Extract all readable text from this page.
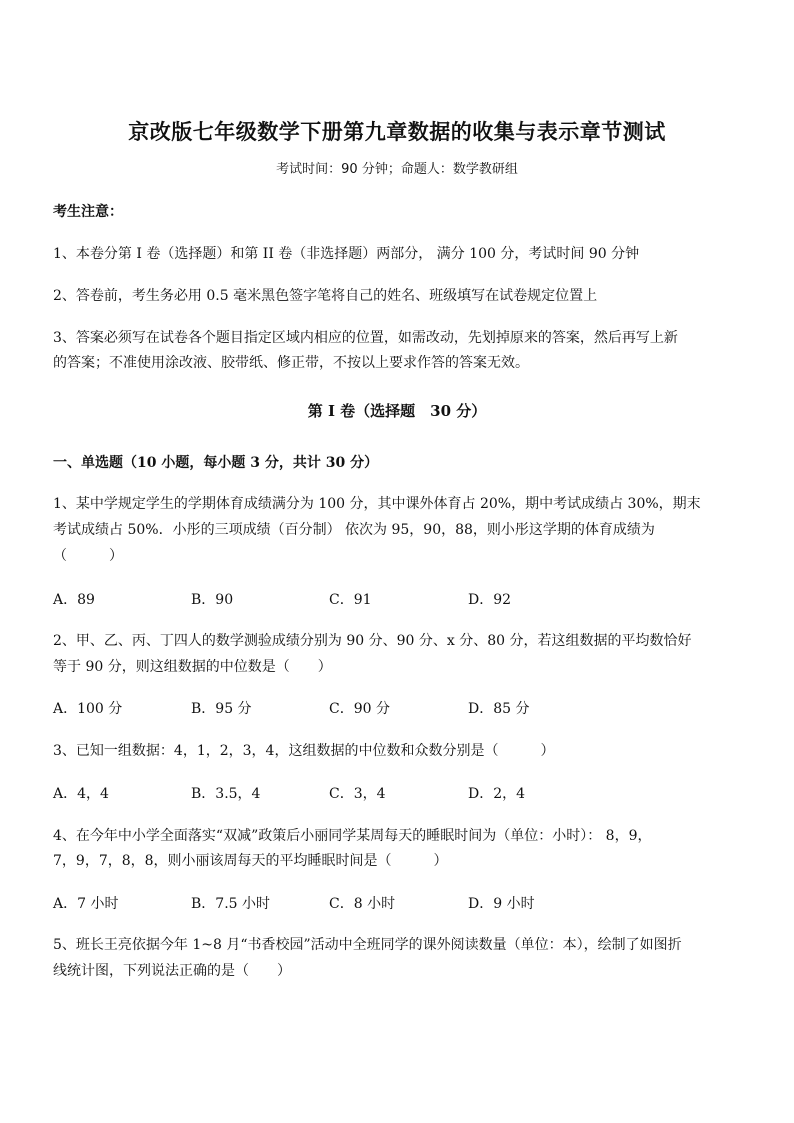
京改版七年级数学下册第九章数据的收集与表示章节测试
考试时间：90 分钟；命题人：数学教研组
考生注意：
1、本卷分第 I 卷（选择题）和第 II 卷（非选择题）两部分， 满分 100 分，考试时间 90 分钟
2、答卷前，考生务必用 0.5 毫米黑色签字笔将自己的姓名、班级填写在试卷规定位置上
3、答案必须写在试卷各个题目指定区域内相应的位置，如需改动，先划掉原来的答案，然后再写上新
的答案；不准使用涂改液、胶带纸、修正带，不按以上要求作答的答案无效。
第 I 卷（选择题　30 分）
一、单选题（10 小题，每小题 3 分，共计 30 分）
1、某中学规定学生的学期体育成绩满分为 100 分，其中课外体育占 20%，期中考试成绩占 30%，期末
考试成绩占 50%．小彤的三项成绩（百分制） 依次为 95，90，88，则小彤这学期的体育成绩为
（　　　）
A．89	B．90	C．91	D．92
2、甲、乙、丙、丁四人的数学测验成绩分别为 90 分、90 分、x 分、80 分，若这组数据的平均数恰好
等于 90 分，则这组数据的中位数是（　　）
A．100 分	B．95 分	C．90 分	D．85 分
3、已知一组数据：4，1，2，3，4，这组数据的中位数和众数分别是（　　　）
A．4，4	B．3.5，4	C．3，4	D．2，4
4、在今年中小学全面落实“双减”政策后小丽同学某周每天的睡眠时间为（单位：小时）： 8，9，
7，9，7，8，8，则小丽该周每天的平均睡眠时间是（　　　）
A．7 小时	B．7.5 小时	C．8 小时	D．9 小时
5、班长王亮依据今年 1~8 月“书香校园”活动中全班同学的课外阅读数量（单位：本），绘制了如图折
线统计图，下列说法正确的是（　　）
